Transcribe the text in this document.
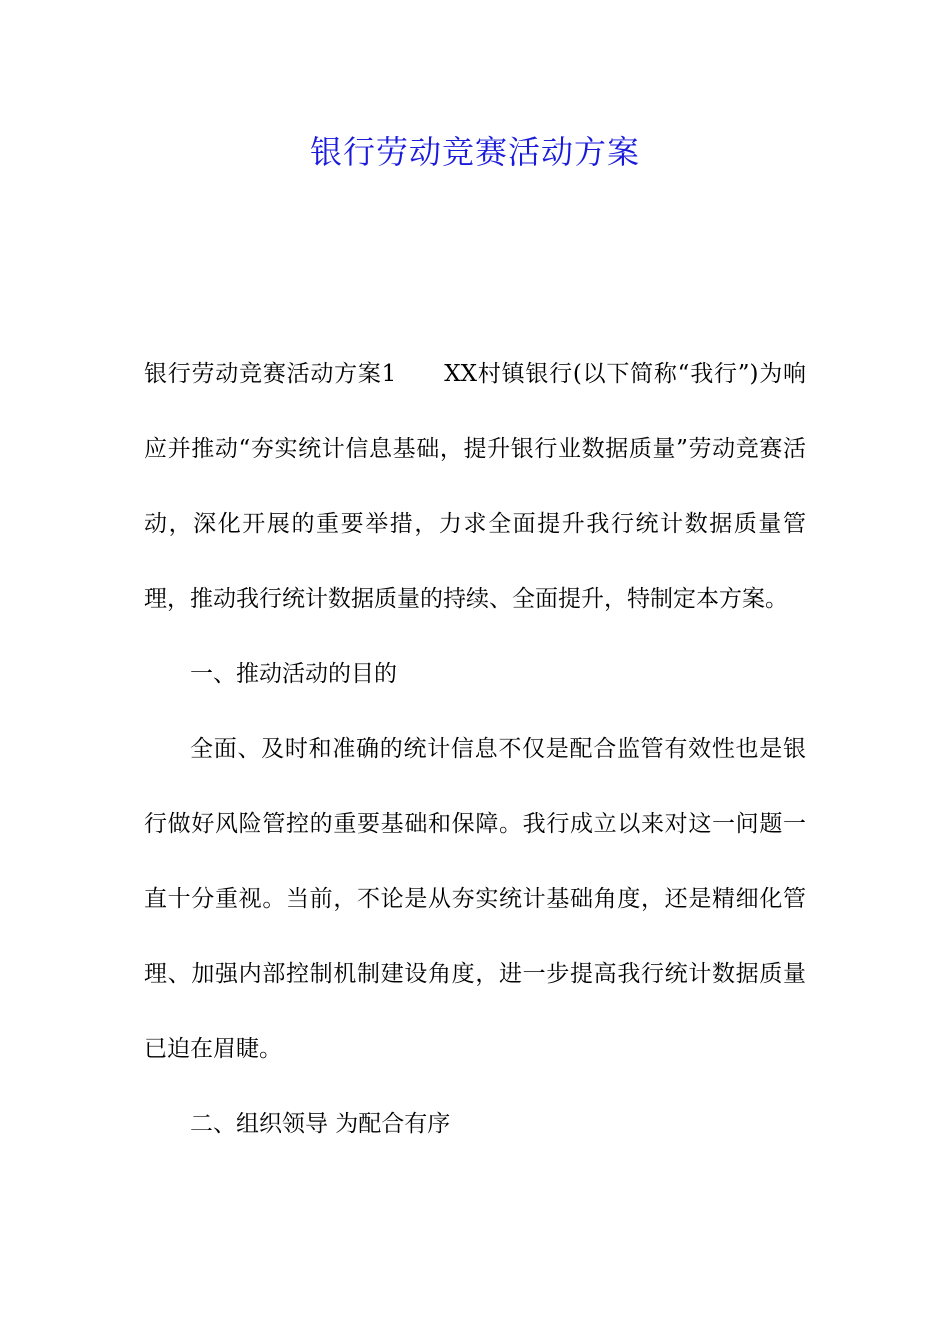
银行劳动竞赛活动方案

银行劳动竞赛活动方案1 XX村镇银行(以下简称“我行”)为响应并推动“夯实统计信息基础，提升银行业数据质量”劳动竞赛活动，深化开展的重要举措，力求全面提升我行统计数据质量管理，推动我行统计数据质量的持续、全面提升，特制定本方案。

一、推动活动的目的

全面、及时和准确的统计信息不仅是配合监管有效性也是银行做好风险管控的重要基础和保障。我行成立以来对这一问题一直十分重视。当前，不论是从夯实统计基础角度，还是精细化管理、加强内部控制机制建设角度，进一步提高我行统计数据质量已迫在眉睫。

二、组织领导 为配合有序
